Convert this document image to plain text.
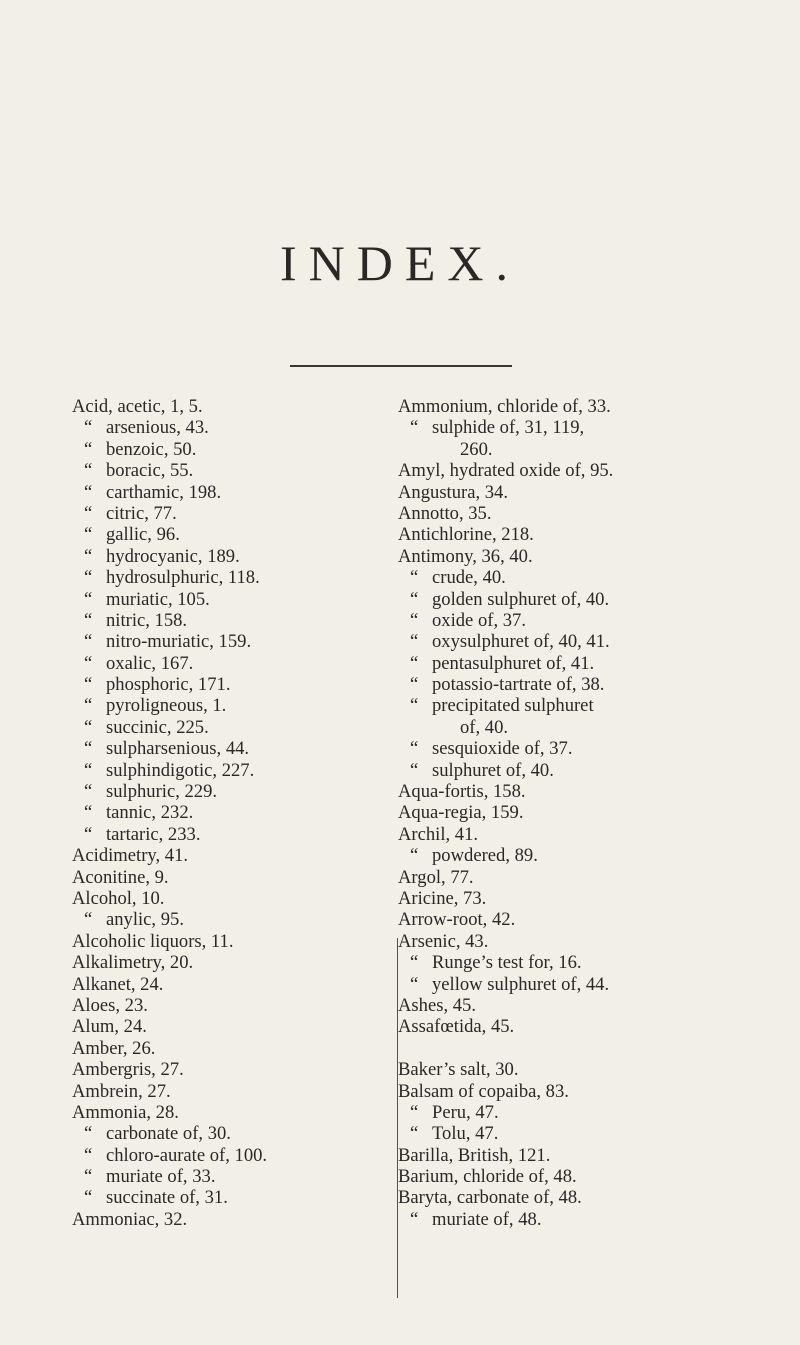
INDEX.
Acid, acetic, 1, 5.
“ arsenious, 43.
“ benzoic, 50.
“ boracic, 55.
“ carthamic, 198.
“ citric, 77.
“ gallic, 96.
“ hydrocyanic, 189.
“ hydrosulphuric, 118.
“ muriatic, 105.
“ nitric, 158.
“ nitro-muriatic, 159.
“ oxalic, 167.
“ phosphoric, 171.
“ pyroligneous, 1.
“ succinic, 225.
“ sulpharsenious, 44.
“ sulphindigotic, 227.
“ sulphuric, 229.
“ tannic, 232.
“ tartaric, 233.
Acidimetry, 41.
Aconitine, 9.
Alcohol, 10.
“ anylic, 95.
Alcoholic liquors, 11.
Alkalimetry, 20.
Alkanet, 24.
Aloes, 23.
Alum, 24.
Amber, 26.
Ambergris, 27.
Ambrein, 27.
Ammonia, 28.
“ carbonate of, 30.
“ chloro-aurate of, 100.
“ muriate of, 33.
“ succinate of, 31.
Ammoniac, 32.
Ammonium, chloride of, 33.
“ sulphide of, 31, 119,
260.
Amyl, hydrated oxide of, 95.
Angustura, 34.
Annotto, 35.
Antichlorine, 218.
Antimony, 36, 40.
“ crude, 40.
“ golden sulphuret of, 40.
“ oxide of, 37.
“ oxysulphuret of, 40, 41.
“ pentasulphuret of, 41.
“ potassio-tartrate of, 38.
“ precipitated sulphuret
of, 40.
“ sesquioxide of, 37.
“ sulphuret of, 40.
Aqua-fortis, 158.
Aqua-regia, 159.
Archil, 41.
“ powdered, 89.
Argol, 77.
Aricine, 73.
Arrow-root, 42.
Arsenic, 43.
“ Runge’s test for, 16.
“ yellow sulphuret of, 44.
Ashes, 45.
Assafœtida, 45.
Baker’s salt, 30.
Balsam of copaiba, 83.
“ Peru, 47.
“ Tolu, 47.
Barilla, British, 121.
Barium, chloride of, 48.
Baryta, carbonate of, 48.
“ muriate of, 48.
